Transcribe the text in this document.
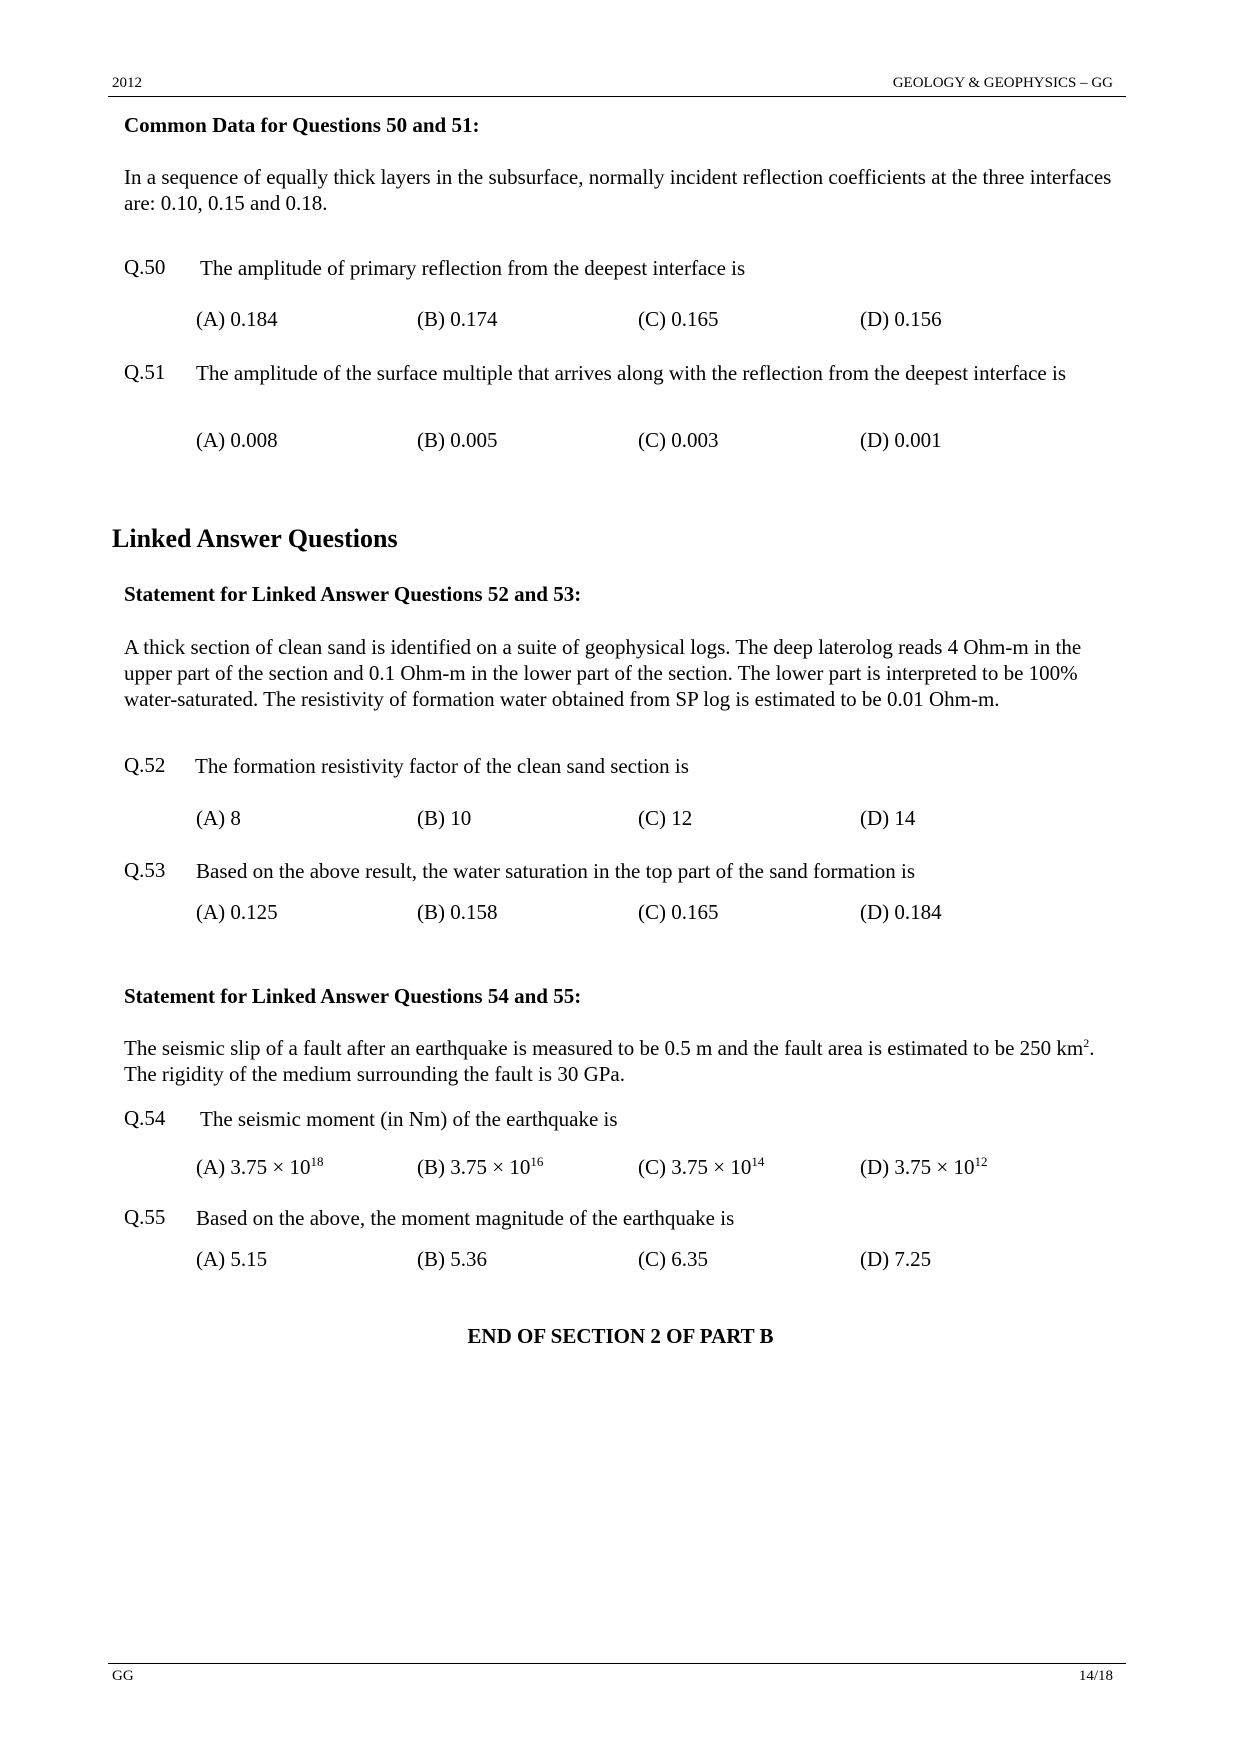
2012	GEOLOGY & GEOPHYSICS – GG
Common Data for Questions 50 and 51:
In a sequence of equally thick layers in the subsurface, normally incident reflection coefficients at the three interfaces are: 0.10, 0.15 and 0.18.
Q.50 The amplitude of primary reflection from the deepest interface is
(A) 0.184	(B) 0.174	(C) 0.165	(D) 0.156
Q.51 The amplitude of the surface multiple that arrives along with the reflection from the deepest interface is
(A) 0.008	(B) 0.005	(C) 0.003	(D) 0.001
Linked Answer Questions
Statement for Linked Answer Questions 52 and 53:
A thick section of clean sand is identified on a suite of geophysical logs. The deep laterolog reads 4 Ohm-m in the upper part of the section and 0.1 Ohm-m in the lower part of the section. The lower part is interpreted to be 100% water-saturated. The resistivity of formation water obtained from SP log is estimated to be 0.01 Ohm-m.
Q.52 The formation resistivity factor of the clean sand section is
(A) 8	(B) 10	(C) 12	(D) 14
Q.53 Based on the above result, the water saturation in the top part of the sand formation is
(A) 0.125	(B) 0.158	(C) 0.165	(D) 0.184
Statement for Linked Answer Questions 54 and 55:
The seismic slip of a fault after an earthquake is measured to be 0.5 m and the fault area is estimated to be 250 $km^2$. The rigidity of the medium surrounding the fault is 30 GPa.
Q.54 The seismic moment (in Nm) of the earthquake is
(A) $3.75 \times 10^{18}$	(B) $3.75 \times 10^{16}$	(C) $3.75 \times 10^{14}$	(D) $3.75 \times 10^{12}$
Q.55 Based on the above, the moment magnitude of the earthquake is
(A) 5.15	(B) 5.36	(C) 6.35	(D) 7.25
END OF SECTION 2 OF PART B
GG	14/18
